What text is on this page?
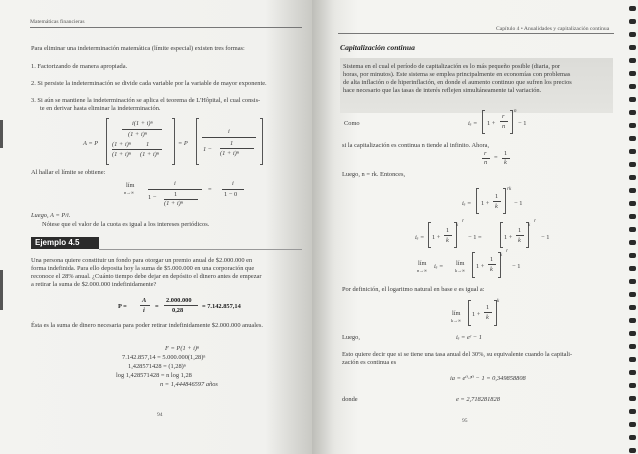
Matemáticas financieras
Para eliminar una indeterminación matemática (límite especial) existen tres formas:
1. Factorizando de manera apropiada.
2. Si persiste la indeterminación se divide cada variable por la variable de mayor exponente.
3. Si aún se mantiene la indeterminación se aplica el teorema de L'Hôpital, el cual consis-
te en derivar hasta eliminar la indeterminación.
A = P
i(1 + i)ⁿ
(1 + i)ⁿ
(1 + i)ⁿ 1
(1 + i)ⁿ (1 + i)ⁿ
= P
i
1 −
1
(1 + i)ⁿ
Al hallar el límite se obtiene:
lím
n→∞
i
1 −	1
(1 + i)ⁿ
=
i
1 − 0
Luego, A = P/i.
Nótese que el valor de la cuota es igual a los intereses periódicos.
Ejemplo 4.5
Una persona quiere constituir un fondo para otorgar un premio anual de $2.000.000 en
forma indefinida. Para ello deposita hoy la suma de $5.000.000 en una corporación que
reconoce el 28% anual. ¿Cuánto tiempo debe dejar en depósito el dinero antes de empezar
a retirar la suma de $2.000.000 indefinidamente?
P =
A
i
=
2.000.000
0,28
= 7.142.857,14
Ésta es la suma de dinero necesaria para poder retirar indefinidamente $2.000.000 anuales.
F = P(1 + i)ⁿ
7.142.857,14 = 5.000.000(1,28)ⁿ
1,428571428 = (1,28)ⁿ
log 1,428571428 = n log 1,28
n = 1,444846597 años
94
Capítulo 4 • Anualidades y capitalización continua
Capitalización continua
Sistema en el cual el período de capitalización es lo más pequeño posible (diaria, por
horas, por minutos). Este sistema se emplea principalmente en economías con problemas
de alta inflación o de hiperinflación, en donde el aumento continuo que sufren los precios
hace necesario que las tasas de interés reflejen simultáneamente tal variación.
Como	iₑ = 1 +
r
n
n
− 1
si la capitalización es continua n tiende al infinito. Ahora,
r
n
=
1
k
Luego, n = rk. Entonces,
iₑ = 1 +
1
k
rk
− 1
iₑ = 1 +
1
k
k
r
− 1 =	1 +
1
k
k
r
− 1
lím
n→∞
iₑ = lím
k→∞
1 +
1
k
k
r
− 1
Por definición, el logaritmo natural en base e es igual a:
lím
k→∞
1 +
1
k
k
Luego,	iₑ = eʳ − 1
Esto quiere decir que si se tiene una tasa anual del 30%, su equivalente cuando la capitali-
zación es continua es
ia = e⁰·³⁰ − 1 = 0,349858808
donde	e = 2,718281828
95
